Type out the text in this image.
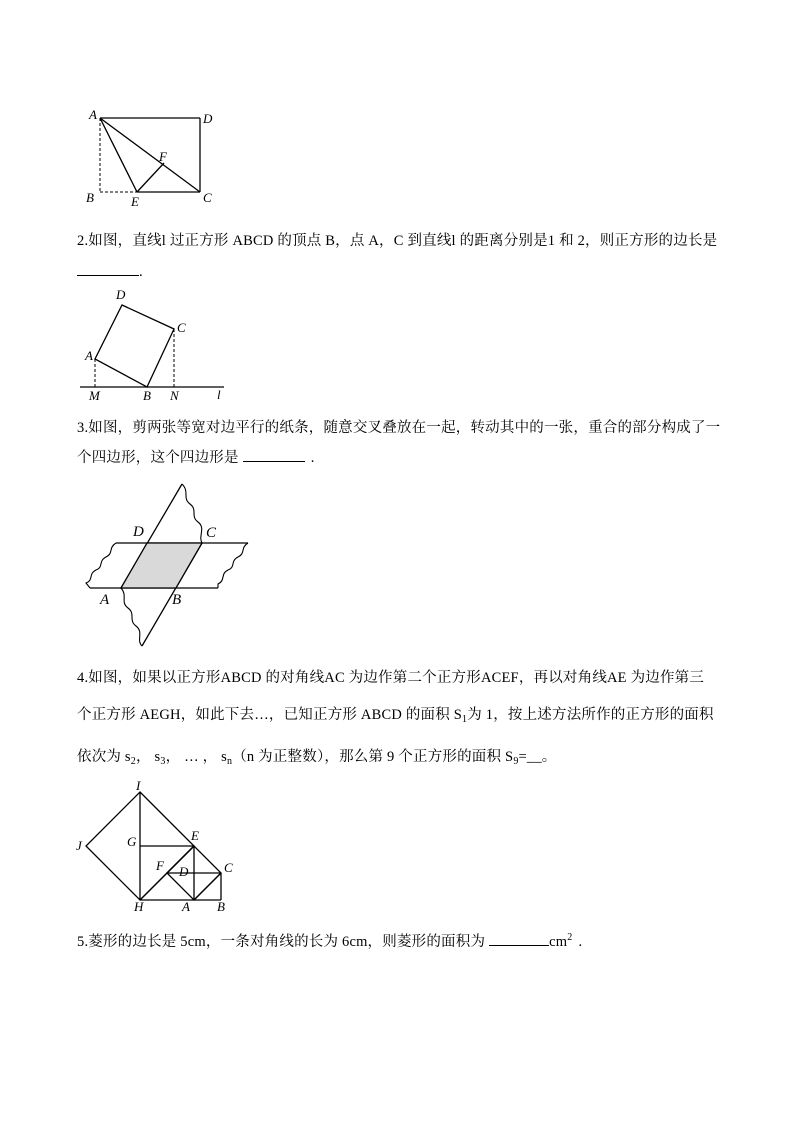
A	D
F
B	E	C
2.如图，直线l 过正方形 ABCD 的顶点 B，点 A，C 到直线l 的距离分别是1 和 2，则正方形的边长是
.
D
C
A
M	B N	l
3.如图，剪两张等宽对边平行的纸条，随意交叉叠放在一起，转动其中的一张，重合的部分构成了一
个四边形，这个四边形是	.
D	C
A	B
4.如图，如果以正方形ABCD 的对角线AC 为边作第二个正方形ACEF，再以对角线AE 为边作第三
个正方形 AEGH，如此下去…，已知正方形 ABCD 的面积 $S_1$为 1，按上述方法所作的正方形的面积
依次为 $s_2$， $s_3$， … ， $s_n(n$ 为正整数），那么第 9 个正方形的面积 $S_9=\_\_$。
I
J	G	E
F D	C
H	A B
5.菱形的边长是 5cm，一条对角线的长为 6cm，则菱形的面积为	$cm^2$ .
